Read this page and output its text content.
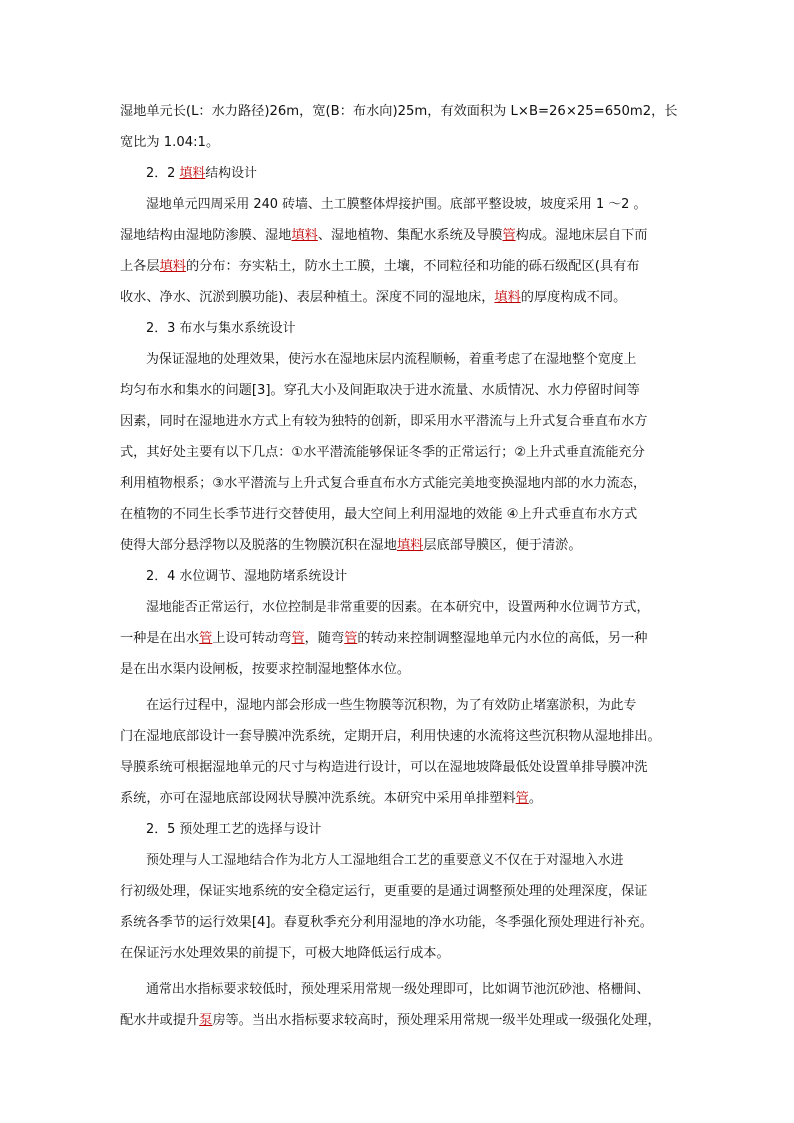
湿地单元长(L：水力路径)26m，宽(B：布水向)25m，有效面积为 L×B=26×25=650m2，长
宽比为 1.04:1。
2．2 填料结构设计
湿地单元四周采用 240 砖墙、土工膜整体焊接护围。底部平整设坡，坡度采用 1 ～2 。
湿地结构由湿地防渗膜、湿地填料、湿地植物、集配水系统及导膜管构成。湿地床层自下而
上各层填料的分布：夯实粘土，防水土工膜，土壤，不同粒径和功能的砾石级配区(具有布
收水、净水、沉淤到膜功能)、表层种植土。深度不同的湿地床，填料的厚度构成不同。
2．3 布水与集水系统设计
为保证湿地的处理效果，使污水在湿地床层内流程顺畅，着重考虑了在湿地整个宽度上
均匀布水和集水的问题[3]。穿孔大小及间距取决于进水流量、水质情况、水力停留时间等
因素，同时在湿地进水方式上有较为独特的创新，即采用水平潜流与上升式复合垂直布水方
式，其好处主要有以下几点：①水平潜流能够保证冬季的正常运行；②上升式垂直流能充分
利用植物根系；③水平潜流与上升式复合垂直布水方式能完美地变换湿地内部的水力流态，
在植物的不同生长季节进行交替使用，最大空间上利用湿地的效能 ④上升式垂直布水方式
使得大部分悬浮物以及脱落的生物膜沉积在湿地填料层底部导膜区，便于清淤。
2．4 水位调节、湿地防堵系统设计
湿地能否正常运行，水位控制是非常重要的因素。在本研究中，设置两种水位调节方式，
一种是在出水管上设可转动弯管，随弯管的转动来控制调整湿地单元内水位的高低，另一种
是在出水渠内设闸板，按要求控制湿地整体水位。
在运行过程中，湿地内部会形成一些生物膜等沉积物，为了有效防止堵塞淤积，为此专
门在湿地底部设计一套导膜冲洗系统，定期开启，利用快速的水流将这些沉积物从湿地排出。
导膜系统可根据湿地单元的尺寸与构造进行设计，可以在湿地坡降最低处设置单排导膜冲洗
系统，亦可在湿地底部设网状导膜冲洗系统。本研究中采用单排塑料管。
2．5 预处理工艺的选择与设计
预处理与人工湿地结合作为北方人工湿地组合工艺的重要意义不仅在于对湿地入水进
行初级处理，保证实地系统的安全稳定运行，更重要的是通过调整预处理的处理深度，保证
系统各季节的运行效果[4]。春夏秋季充分利用湿地的净水功能，冬季强化预处理进行补充。
在保证污水处理效果的前提下，可极大地降低运行成本。
通常出水指标要求较低时，预处理采用常规一级处理即可，比如调节池沉砂池、格栅间、
配水井或提升泵房等。当出水指标要求较高时，预处理采用常规一级半处理或一级强化处理，
